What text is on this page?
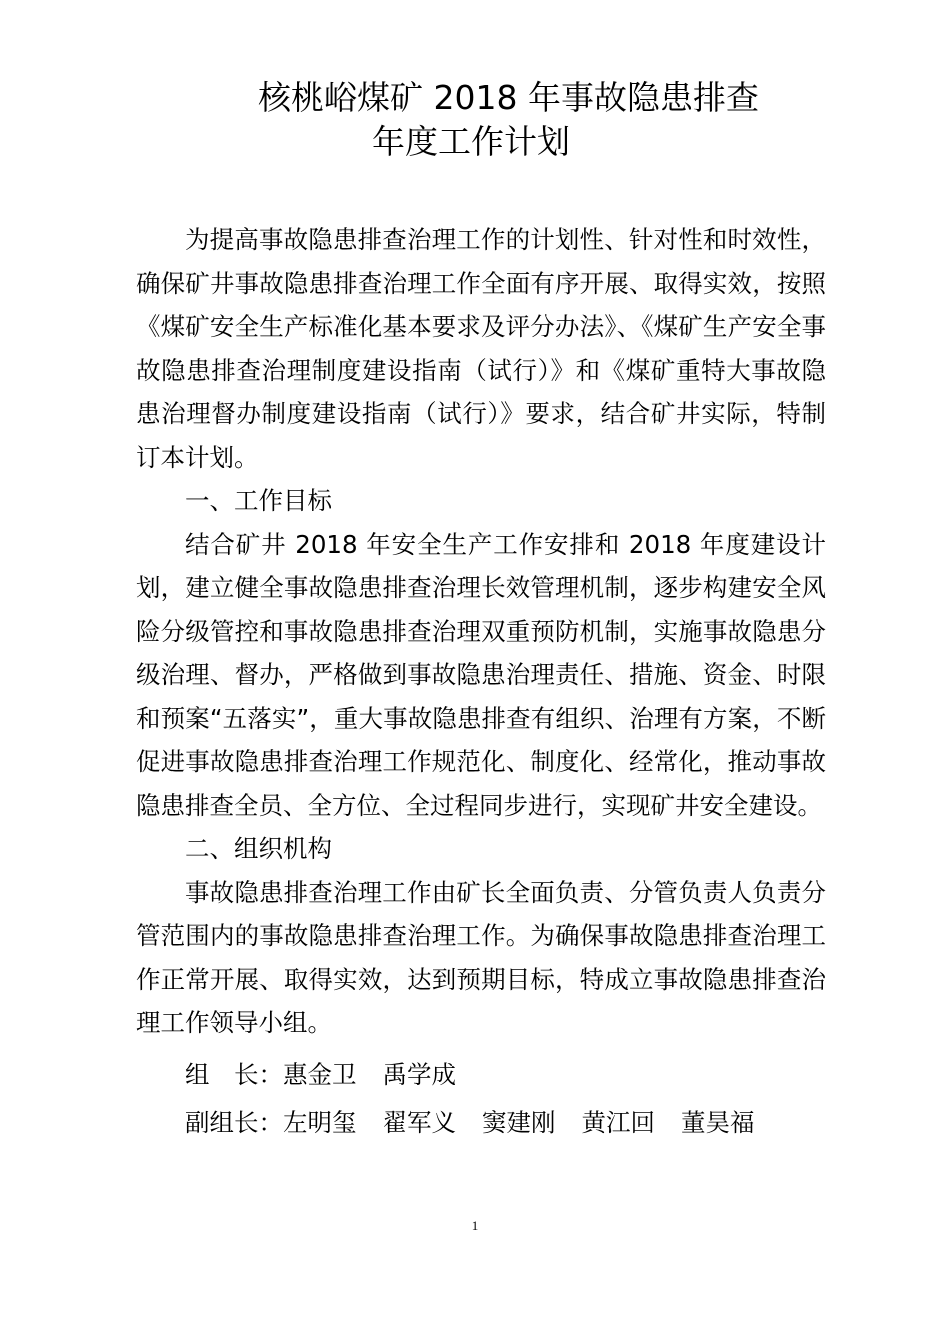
核桃峪煤矿 2018 年事故隐患排查
年度工作计划

为提高事故隐患排查治理工作的计划性、针对性和时效性，确保矿井事故隐患排查治理工作全面有序开展、取得实效，按照《煤矿安全生产标准化基本要求及评分办法》、《煤矿生产安全事故隐患排查治理制度建设指南（试行）》和《煤矿重特大事故隐患治理督办制度建设指南（试行）》要求，结合矿井实际，特制订本计划。

一、工作目标

结合矿井 2018 年安全生产工作安排和 2018 年度建设计划，建立健全事故隐患排查治理长效管理机制，逐步构建安全风险分级管控和事故隐患排查治理双重预防机制，实施事故隐患分级治理、督办，严格做到事故隐患治理责任、措施、资金、时限和预案“五落实”，重大事故隐患排查有组织、治理有方案，不断促进事故隐患排查治理工作规范化、制度化、经常化，推动事故隐患排查全员、全方位、全过程同步进行，实现矿井安全建设。

二、组织机构

事故隐患排查治理工作由矿长全面负责、分管负责人负责分管范围内的事故隐患排查治理工作。为确保事故隐患排查治理工作正常开展、取得实效，达到预期目标，特成立事故隐患排查治理工作领导小组。

组　长：惠金卫 禹学成

副组长：左明玺 翟军义 窦建刚 黄江回 董昊福

1
